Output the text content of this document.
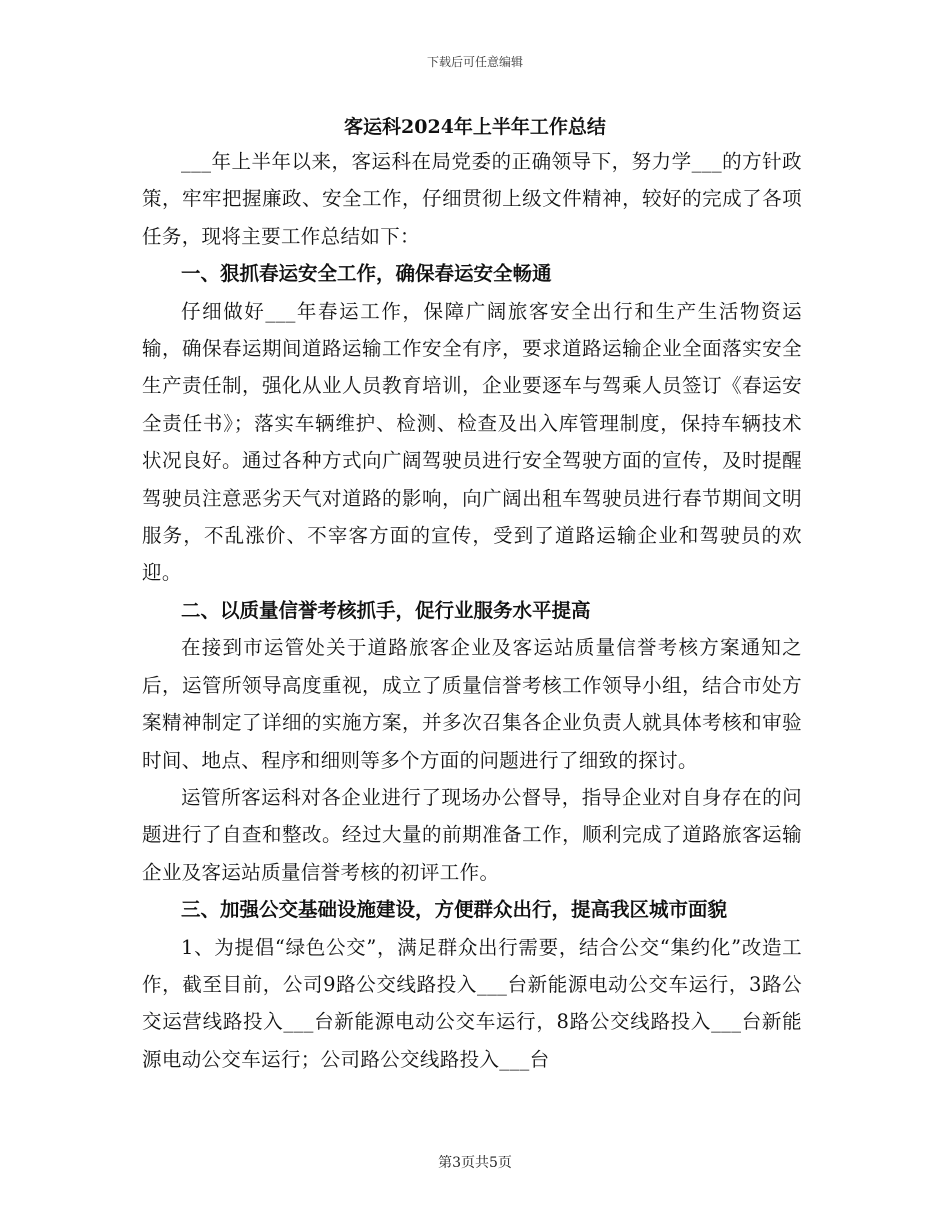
下载后可任意编辑
客运科2024年上半年工作总结

___年上半年以来，客运科在局党委的正确领导下，努力学___的方针政策，牢牢把握廉政、安全工作，仔细贯彻上级文件精神，较好的完成了各项任务，现将主要工作总结如下：

一、狠抓春运安全工作，确保春运安全畅通

仔细做好___年春运工作，保障广阔旅客安全出行和生产生活物资运输，确保春运期间道路运输工作安全有序，要求道路运输企业全面落实安全生产责任制，强化从业人员教育培训，企业要逐车与驾乘人员签订《春运安全责任书》；落实车辆维护、检测、检查及出入库管理制度，保持车辆技术状况良好。通过各种方式向广阔驾驶员进行安全驾驶方面的宣传，及时提醒驾驶员注意恶劣天气对道路的影响，向广阔出租车驾驶员进行春节期间文明服务，不乱涨价、不宰客方面的宣传，受到了道路运输企业和驾驶员的欢迎。

二、以质量信誉考核抓手，促行业服务水平提高

在接到市运管处关于道路旅客企业及客运站质量信誉考核方案通知之后，运管所领导高度重视，成立了质量信誉考核工作领导小组，结合市处方案精神制定了详细的实施方案，并多次召集各企业负责人就具体考核和审验时间、地点、程序和细则等多个方面的问题进行了细致的探讨。

运管所客运科对各企业进行了现场办公督导，指导企业对自身存在的问题进行了自查和整改。经过大量的前期准备工作，顺利完成了道路旅客运输企业及客运站质量信誉考核的初评工作。

三、加强公交基础设施建设，方便群众出行，提高我区城市面貌

1、为提倡“绿色公交”，满足群众出行需要，结合公交“集约化”改造工作，截至目前，公司9路公交线路投入___台新能源电动公交车运行，3路公交运营线路投入___台新能源电动公交车运行，8路公交线路投入___台新能源电动公交车运行；公司路公交线路投入___台

第3页共5页
